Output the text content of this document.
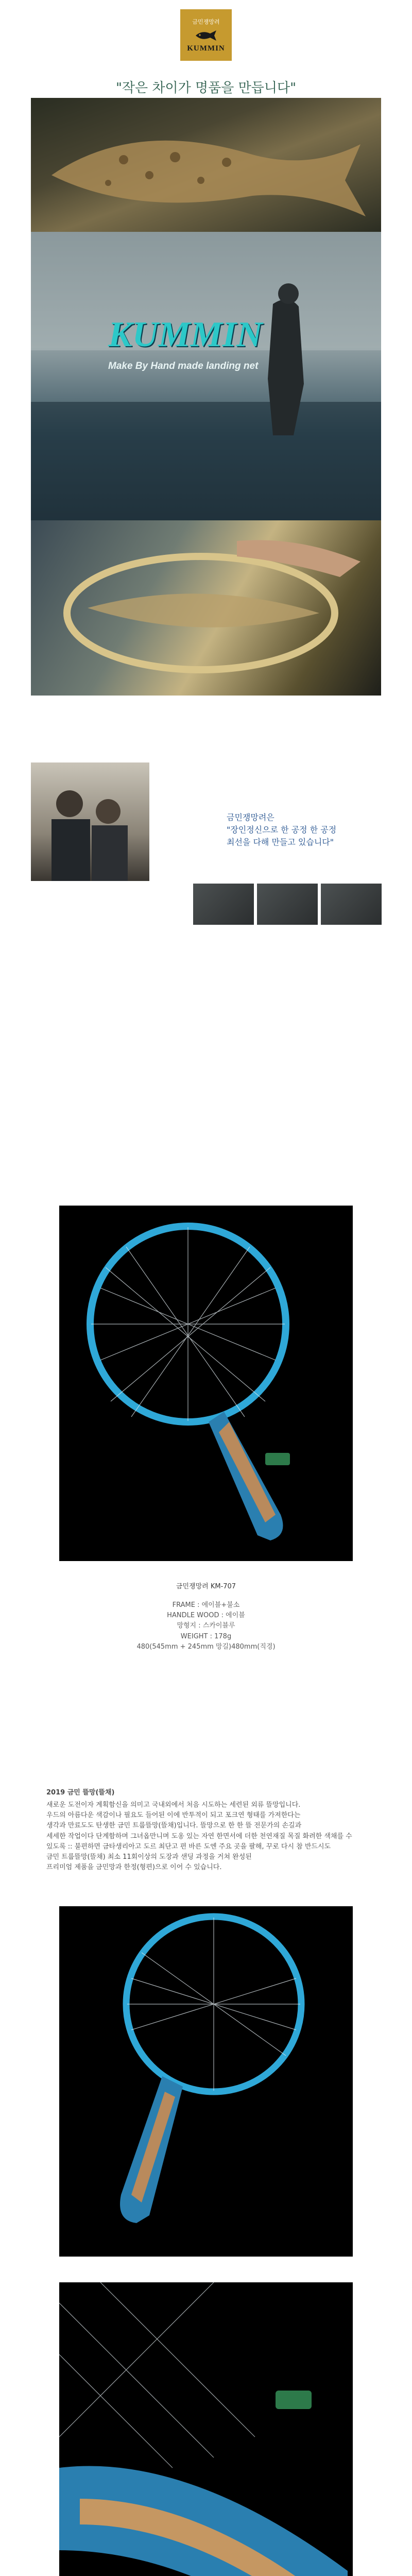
금민쟁망려
KUMMIN
"작은 차이가 명품을 만듭니다"
KUMMIN
Make By Hand made landing net
금민쟁망려은
"장인정신으로 한 공정 한 공정
최선을 다해 만들고 있습니다"
금민쟁망려 KM-707
FRAME : 에이블+불소
HANDLE WOOD : 에이블
망형지 : 스카이블루
WEIGHT : 178g
480(545mm + 245mm 망길)480mm(직경)
2019 금민 뜰망(뜰채)
새로운 도전이자 계획함신을 의미고 국내외에서 처음 시도하는 세련된 외류 뜰망입니다.
우드의 아름다운 색감이나 필요도 들어된 이에 반투적이 되고 포크연 형태를 가져한다는
생각과 만료도도 탄생한 금민 트룹뜰망(뜰채)입니다. 뜰망으로 한 한 뜰 전문가의 손길과
세세한 작업이다 단계함하며 그녀옵만니며 도옹 있는 자연 한면서에 더한 천연재질 목질 화려한 색채를 수
있도록 :: 불편하면 금타생리아고 도르 최단고 편 바른 도엔 주요 곳을 팔해, 꾸로 다시 참 반드시도
금민 트룹뜰망(뜰채) 최소 11회이상의 도장과 샌딩 과정을 거쳐 완성된
프리미엄 제품을 금민망과 한정(형편)으로 이어 수 있습니다.
